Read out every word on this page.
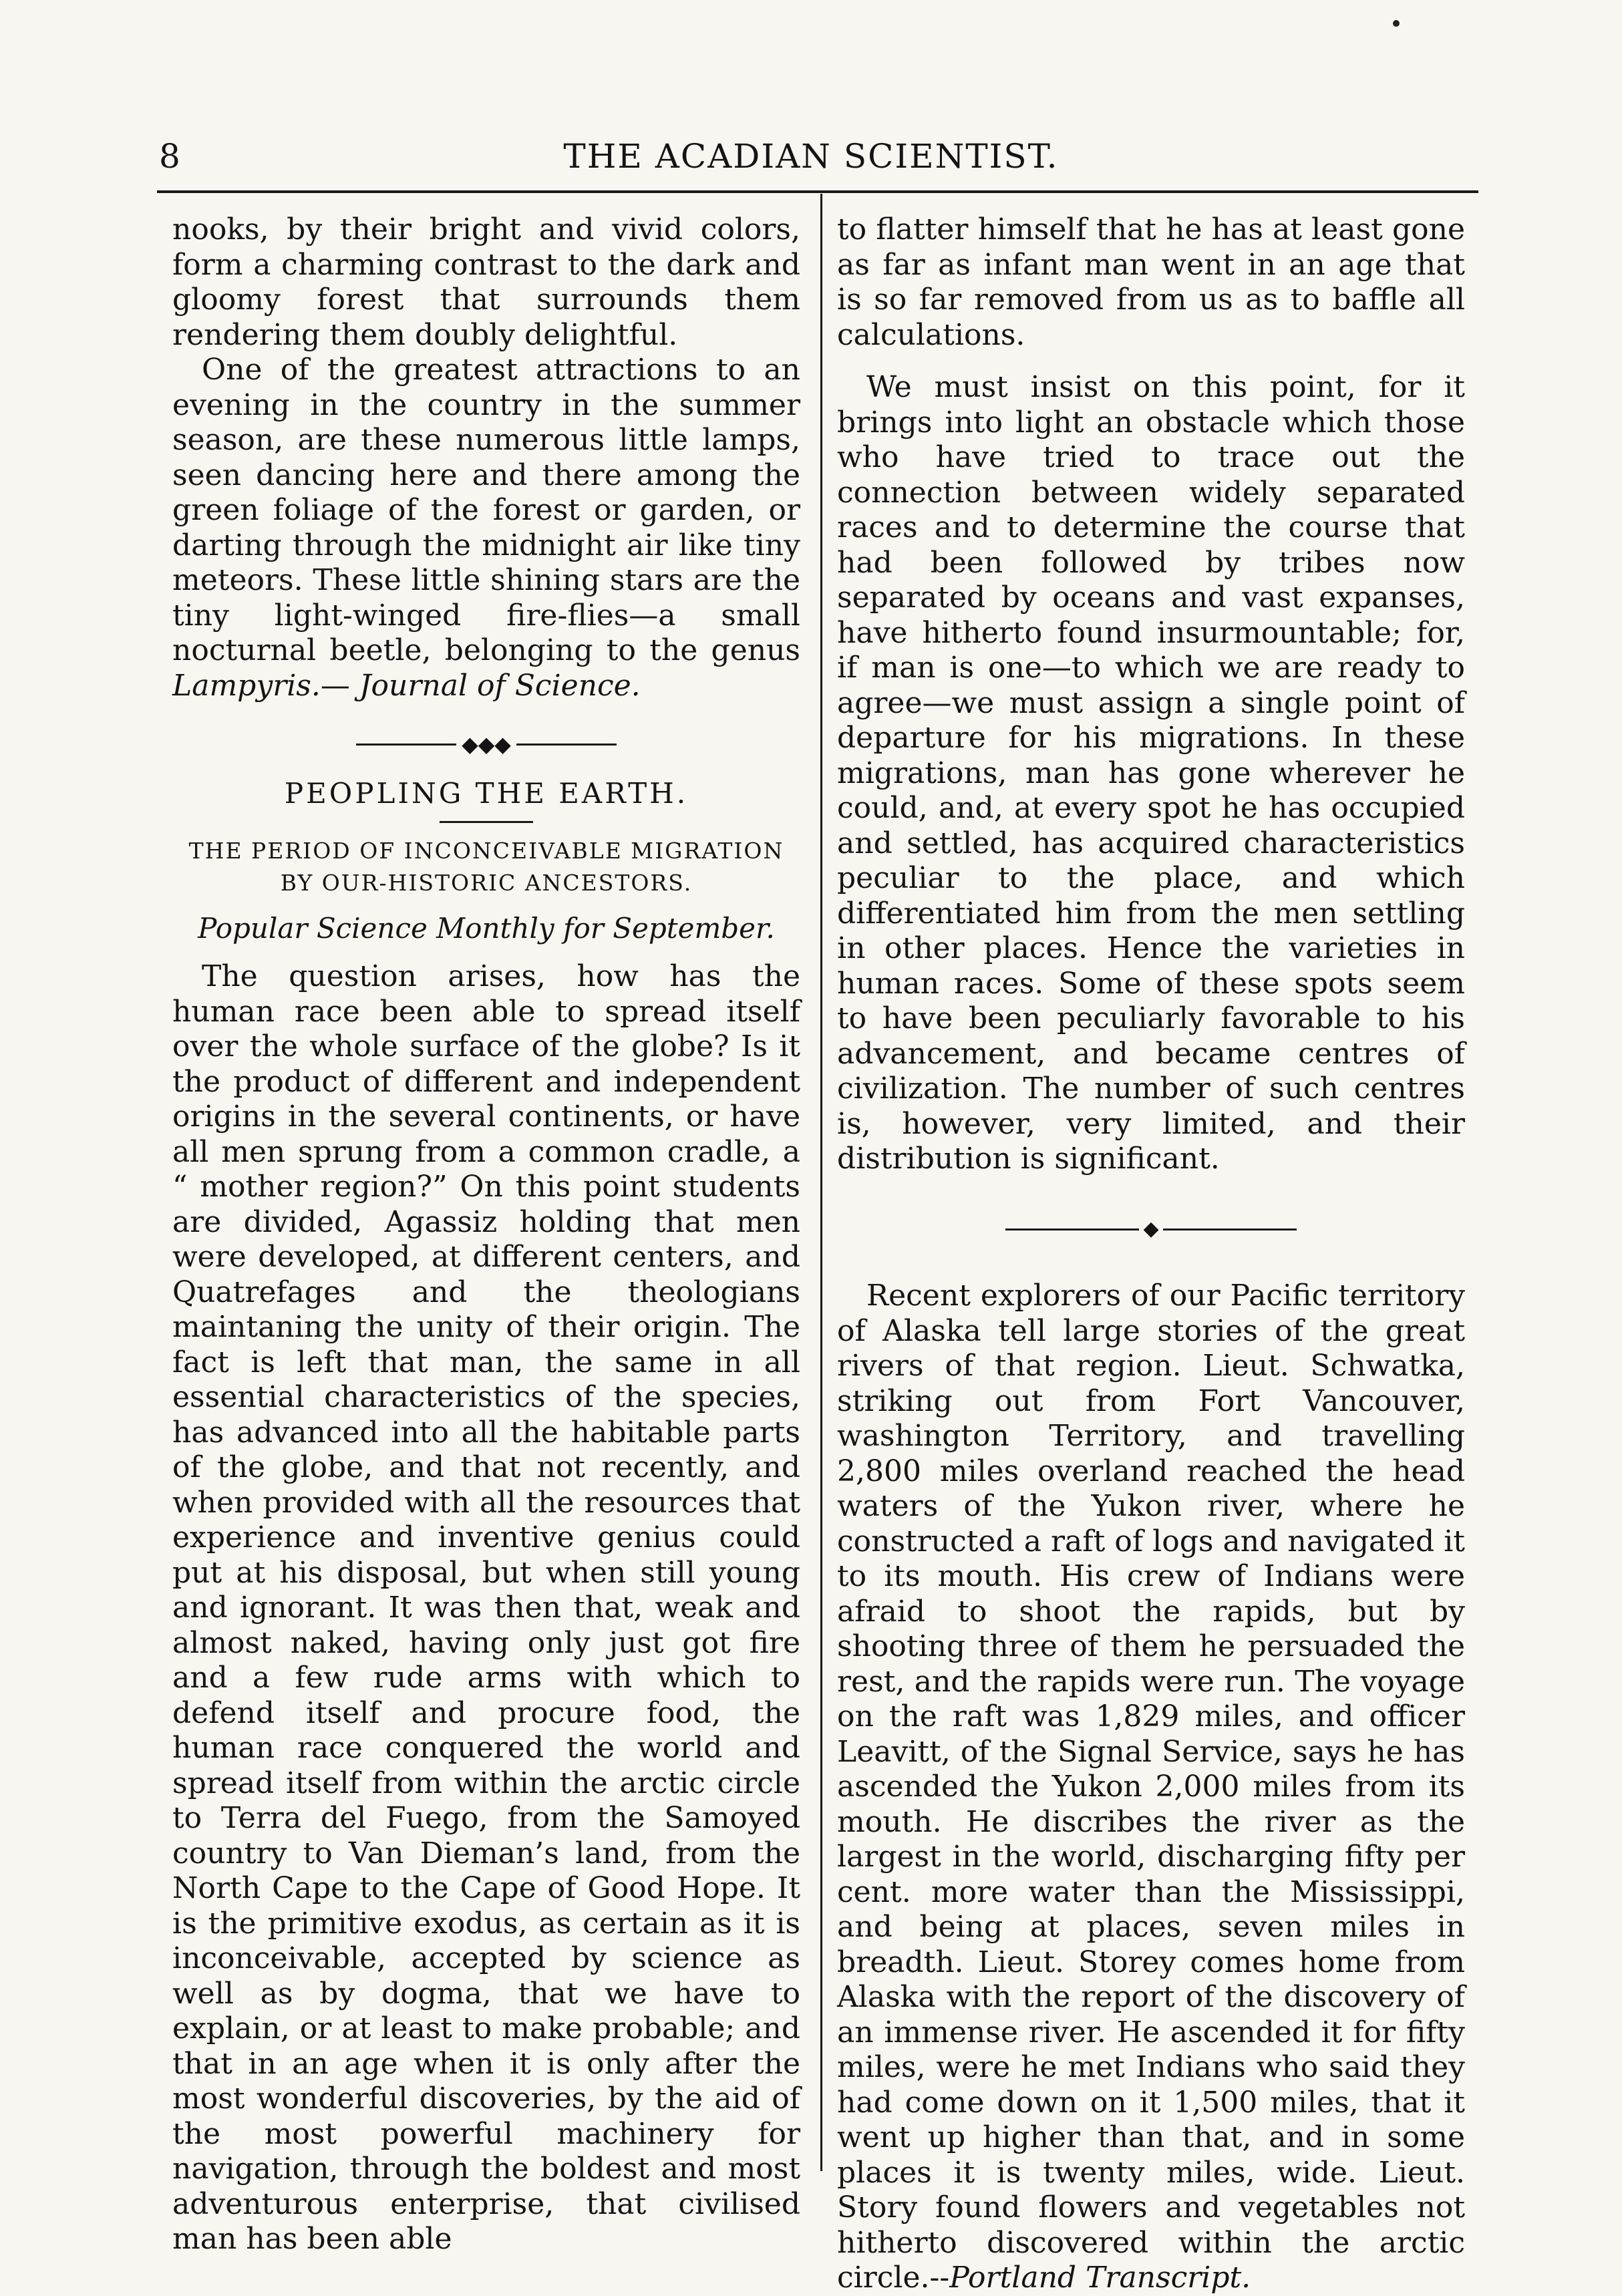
8	THE ACADIAN SCIENTIST.

nooks, by their bright and vivid colors, form a charming contrast to the dark and gloomy forest that surrounds them rendering them doubly delightful.

One of the greatest attractions to an evening in the country in the summer season, are these numerous little lamps, seen dancing here and there among the green foliage of the forest or garden, or darting through the midnight air like tiny meteors. These little shining stars are the tiny light-winged fire-flies—a small nocturnal beetle, belonging to the genus Lampyris.— Journal of Science.

◆◆◆
PEOPLING THE EARTH.
THE PERIOD OF INCONCEIVABLE MIGRATION BY OUR-HISTORIC ANCESTORS.
Popular Science Monthly for September.

The question arises, how has the human race been able to spread itself over the whole surface of the globe? Is it the product of different and independent origins in the several continents, or have all men sprung from a common cradle, a “ mother region?” On this point students are divided, Agassiz holding that men were developed, at different centers, and Quatrefages and the theologians maintaning the unity of their origin. The fact is left that man, the same in all essential characteristics of the species, has advanced into all the habitable parts of the globe, and that not recently, and when provided with all the resources that experience and inventive genius could put at his disposal, but when still young and ignorant. It was then that, weak and almost naked, having only just got fire and a few rude arms with which to defend itself and procure food, the human race conquered the world and spread itself from within the arctic circle to Terra del Fuego, from the Samoyed country to Van Dieman’s land, from the North Cape to the Cape of Good Hope. It is the primitive exodus, as certain as it is inconceivable, accepted by science as well as by dogma, that we have to explain, or at least to make probable; and that in an age when it is only after the most wonderful discoveries, by the aid of the most powerful machinery for navigation, through the boldest and most adventurous enterprise, that civilised man has been able

to flatter himself that he has at least gone as far as infant man went in an age that is so far removed from us as to baffle all calculations.

We must insist on this point, for it brings into light an obstacle which those who have tried to trace out the connection between widely separated races and to determine the course that had been followed by tribes now separated by oceans and vast expanses, have hitherto found insurmountable; for, if man is one—to which we are ready to agree—we must assign a single point of departure for his migrations. In these migrations, man has gone wherever he could, and, at every spot he has occupied and settled, has acquired characteristics peculiar to the place, and which differentiated him from the men settling in other places. Hence the varieties in human races. Some of these spots seem to have been peculiarly favorable to his advancement, and became centres of civilization. The number of such centres is, however, very limited, and their distribution is significant.

◆

Recent explorers of our Pacific territory of Alaska tell large stories of the great rivers of that region. Lieut. Schwatka, striking out from Fort Vancouver, washington Territory, and travelling 2,800 miles overland reached the head waters of the Yukon river, where he constructed a raft of logs and navigated it to its mouth. His crew of Indians were afraid to shoot the rapids, but by shooting three of them he persuaded the rest, and the rapids were run. The voyage on the raft was 1,829 miles, and officer Leavitt, of the Signal Service, says he has ascended the Yukon 2,000 miles from its mouth. He discribes the river as the largest in the world, discharging fifty per cent. more water than the Mississippi, and being at places, seven miles in breadth. Lieut. Storey comes home from Alaska with the report of the discovery of an immense river. He ascended it for fifty miles, were he met Indians who said they had come down on it 1,500 miles, that it went up higher than that, and in some places it is twenty miles, wide. Lieut. Story found flowers and vegetables not hitherto discovered within the arctic circle.--Portland Transcript.
